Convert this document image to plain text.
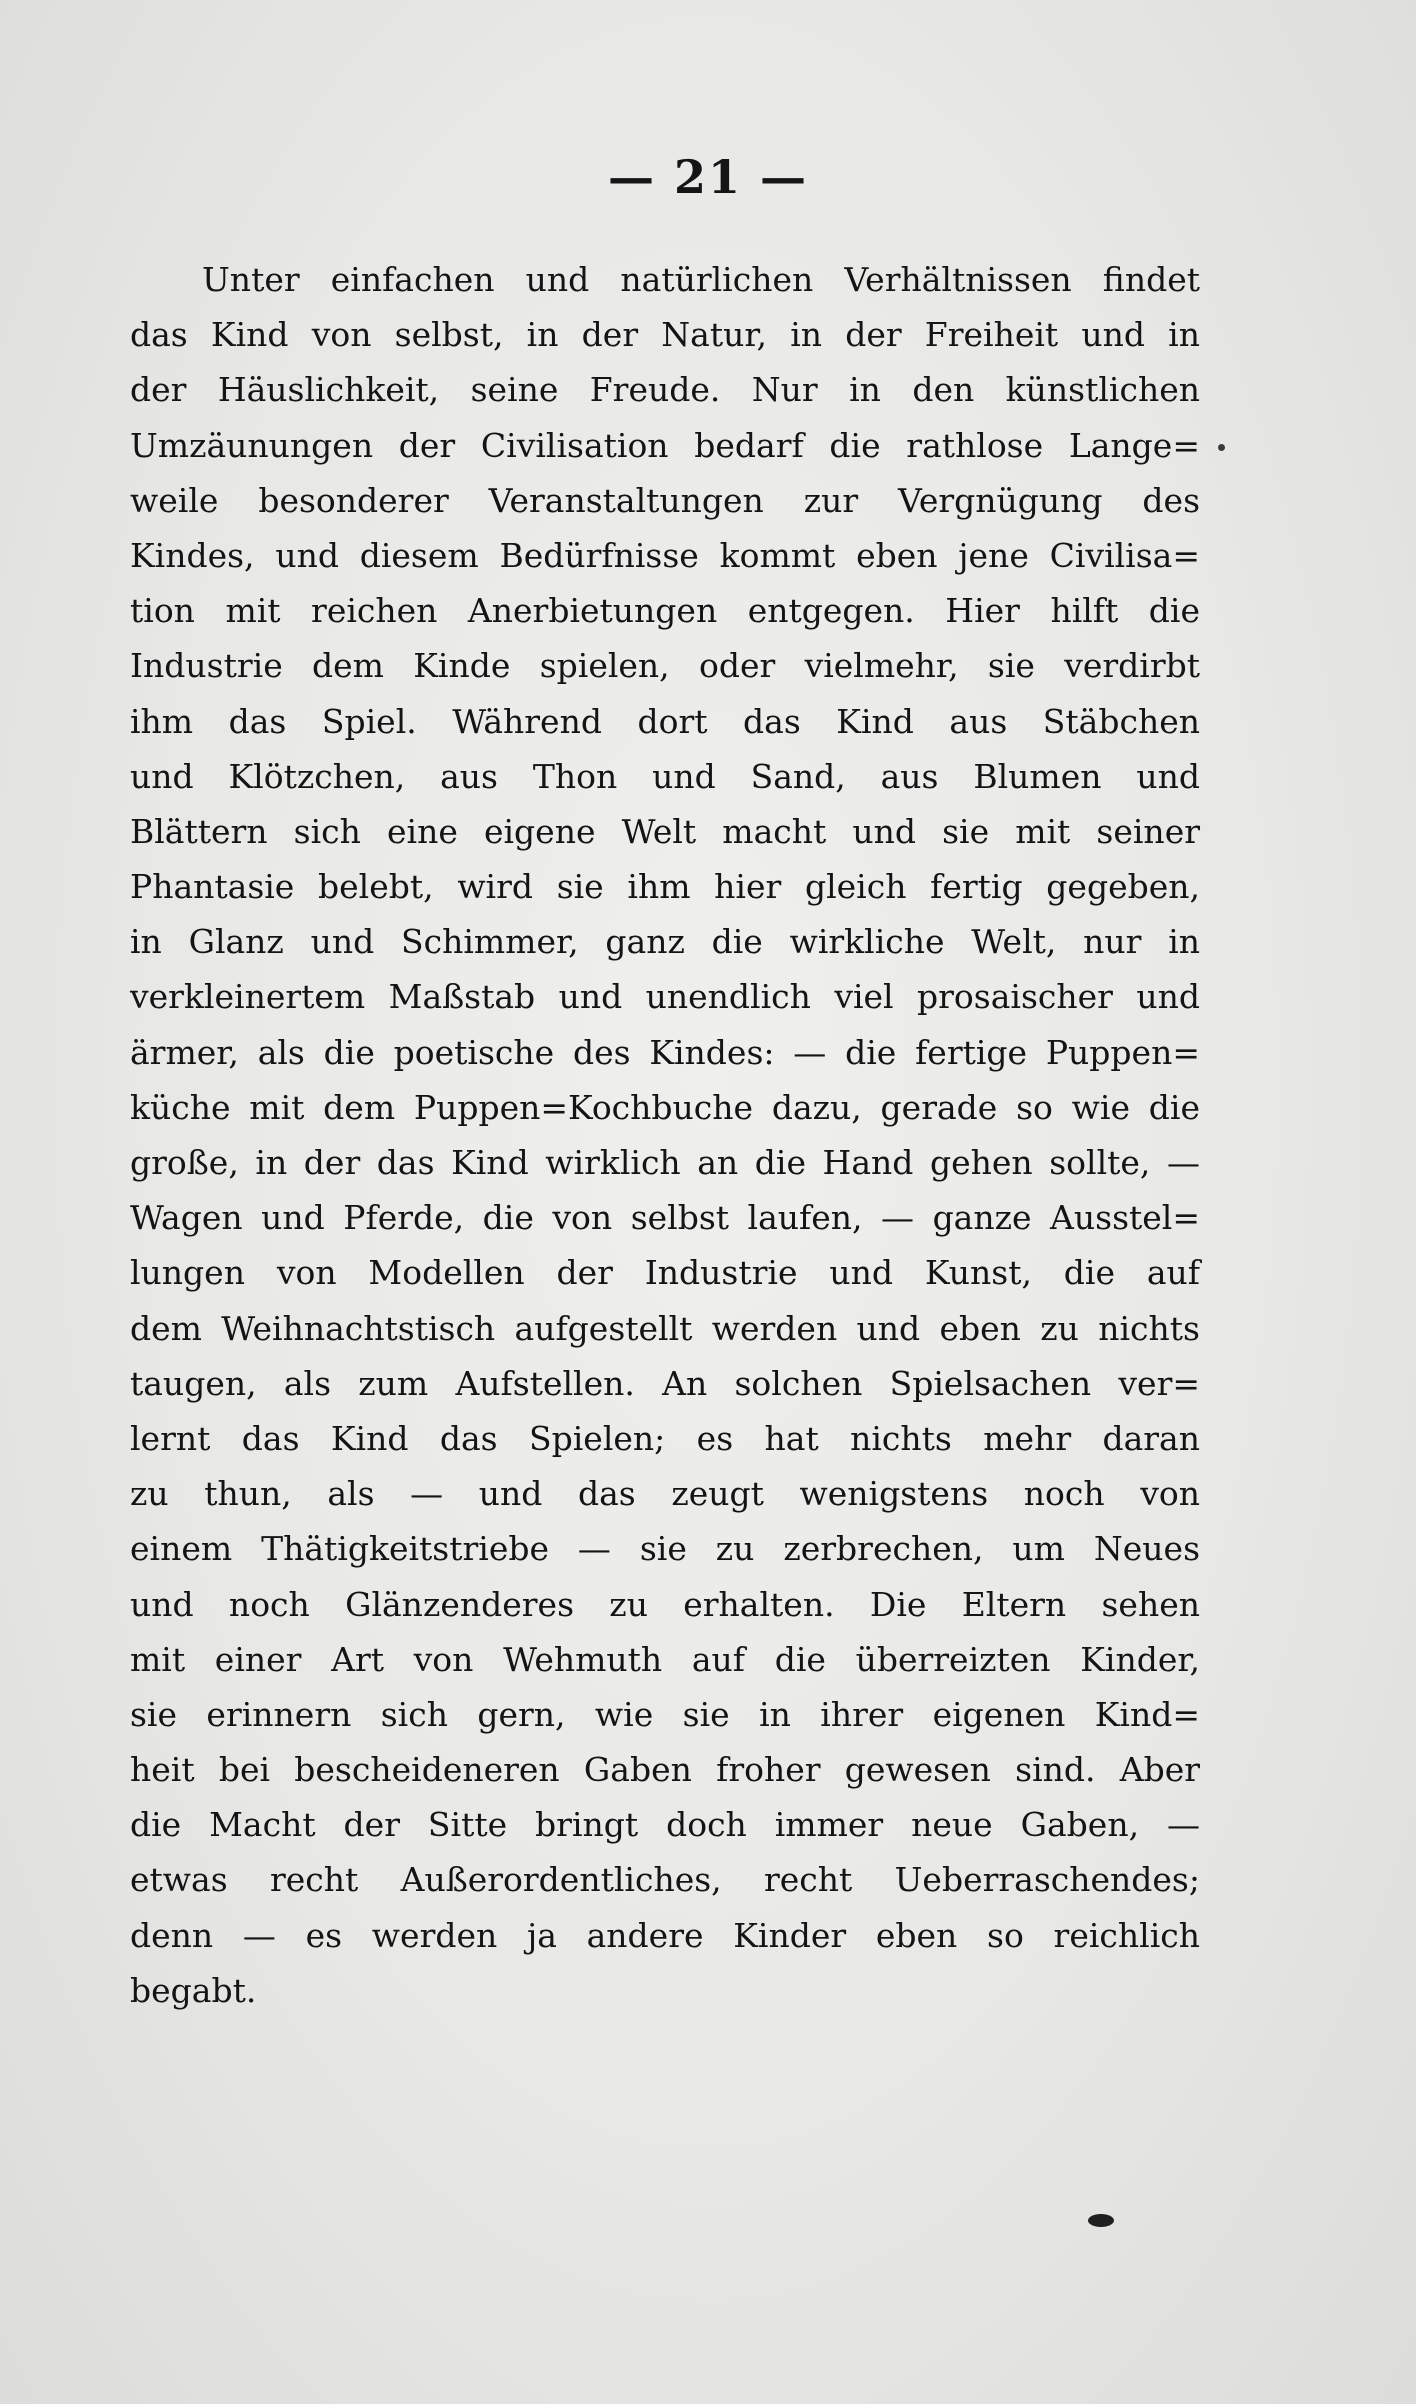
— 21 —
Unter einfachen und natürlichen Verhältnissen findet
das Kind von selbst, in der Natur, in der Freiheit und in
der Häuslichkeit, seine Freude. Nur in den künstlichen
Umzäunungen der Civilisation bedarf die rathlose Lange=
weile besonderer Veranstaltungen zur Vergnügung des
Kindes, und diesem Bedürfnisse kommt eben jene Civilisa=
tion mit reichen Anerbietungen entgegen. Hier hilft die
Industrie dem Kinde spielen, oder vielmehr, sie verdirbt
ihm das Spiel. Während dort das Kind aus Stäbchen
und Klötzchen, aus Thon und Sand, aus Blumen und
Blättern sich eine eigene Welt macht und sie mit seiner
Phantasie belebt, wird sie ihm hier gleich fertig gegeben,
in Glanz und Schimmer, ganz die wirkliche Welt, nur in
verkleinertem Maßstab und unendlich viel prosaischer und
ärmer, als die poetische des Kindes: — die fertige Puppen=
küche mit dem Puppen=Kochbuche dazu, gerade so wie die
große, in der das Kind wirklich an die Hand gehen sollte, —
Wagen und Pferde, die von selbst laufen, — ganze Ausstel=
lungen von Modellen der Industrie und Kunst, die auf
dem Weihnachtstisch aufgestellt werden und eben zu nichts
taugen, als zum Aufstellen. An solchen Spielsachen ver=
lernt das Kind das Spielen; es hat nichts mehr daran
zu thun, als — und das zeugt wenigstens noch von
einem Thätigkeitstriebe — sie zu zerbrechen, um Neues
und noch Glänzenderes zu erhalten. Die Eltern sehen
mit einer Art von Wehmuth auf die überreizten Kinder,
sie erinnern sich gern, wie sie in ihrer eigenen Kind=
heit bei bescheideneren Gaben froher gewesen sind. Aber
die Macht der Sitte bringt doch immer neue Gaben, —
etwas recht Außerordentliches, recht Ueberraschendes;
denn — es werden ja andere Kinder eben so reichlich
begabt.
